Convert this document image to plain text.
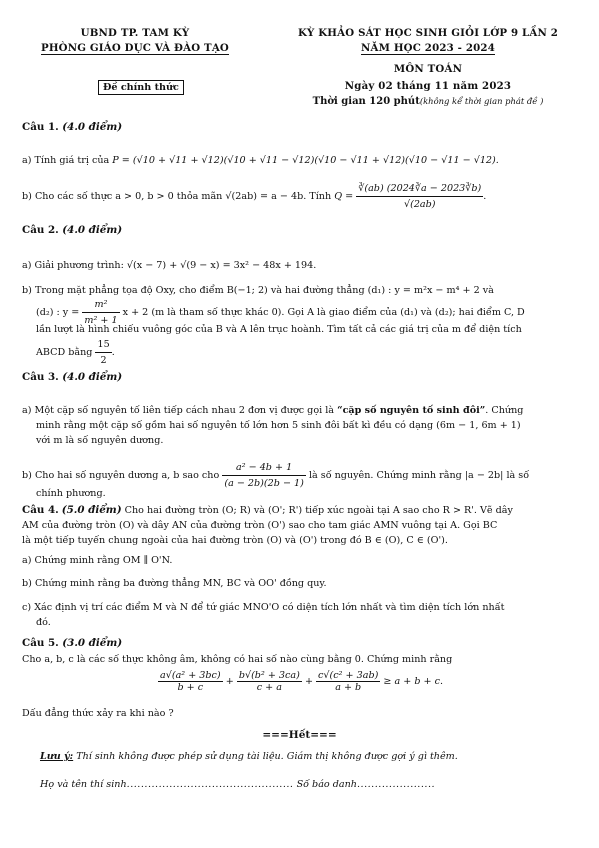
UBND TP. TAM KỲ
PHÒNG GIÁO DỤC VÀ ĐÀO TẠO
Đề chính thức
KỲ KHẢO SÁT HỌC SINH GIỎI LỚP 9 LẦN 2
NĂM HỌC 2023 - 2024
MÔN TOÁN
Ngày 02 tháng 11 năm 2023
Thời gian 120 phút(không kể thời gian phát đề )
Câu 1. (4.0 điểm)
a) Tính giá trị của P = (√10 + √11 + √12)(√10 + √11 − √12)(√10 − √11 + √12)(√10 − √11 − √12).
b) Cho các số thực a > 0, b > 0 thỏa mãn √(2ab) = a − 4b. Tính $Q = \frac{∛(ab) (2024∛a - 2023∛b)}{√(2ab)}$ .
Câu 2. (4.0 điểm)
a) Giải phương trình: √(x − 7) + √(9 − x) = 3x² − 48x + 194.
b) Trong mặt phẳng tọa độ Oxy, cho điểm B(−1; 2) và hai đường thẳng (d₁) : y = m²x − m⁴ + 2 và
(d₂) : $y = \frac{\text{m²}}{\text{m² + 1}}$ x + 2 (m là tham số thực khác 0). Gọi A là giao điểm của (d₁) và (d₂); hai điểm C, D
lần lượt là hình chiếu vuông góc của B và A lên trục hoành. Tìm tất cả các giá trị của m để diện tích
ABCD bằng $\frac{15}{2}$ .
Câu 3. (4.0 điểm)
a) Một cặp số nguyên tố liên tiếp cách nhau 2 đơn vị được gọi là “cặp số nguyên tố sinh đôi”. Chứng
minh rằng một cặp số gồm hai số nguyên tố lớn hơn 5 sinh đôi bất kì đều có dạng (6m − 1, 6m + 1)
với m là số nguyên dương.
b) Cho hai số nguyên dương a, b sao cho $\frac{\text{a² − 4b + 1}}{(a - 2b)(2b - 1)}$ là số nguyên. Chứng minh rằng |a − 2b| là số
chính phương.
Câu 4. (5.0 điểm) Cho hai đường tròn (O; R) và (O'; R') tiếp xúc ngoài tại A sao cho R > R'. Vẽ dây
AM của đường tròn (O) và dây AN của đường tròn (O') sao cho tam giác AMN vuông tại A. Gọi BC
là một tiếp tuyến chung ngoài của hai đường tròn (O) và (O') trong đó B ∈ (O), C ∈ (O').
a) Chứng minh rằng OM ∥ O'N.
b) Chứng minh rằng ba đường thẳng MN, BC và OO' đồng quy.
c) Xác định vị trí các điểm M và N để tứ giác MNO'O có diện tích lớn nhất và tìm diện tích lớn nhất
đó.
Câu 5. (3.0 điểm)
Cho a, b, c là các số thực không âm, không có hai số nào cùng bằng 0. Chứng minh rằng
$\frac{\text{a√(a² + 3bc)}}{b + c} + \frac{\text{b√(b² + 3ca)}}{c + a} + \frac{\text{c√(c² + 3ab)}}{a + b} \ge a + b + c$.
Dấu đẳng thức xảy ra khi nào ?
===Hết===
Lưu ý: Thí sinh không được phép sử dụng tài liệu. Giám thị không được gợi ý gì thêm.
Họ và tên thí sinh............................................... Số báo danh......................
